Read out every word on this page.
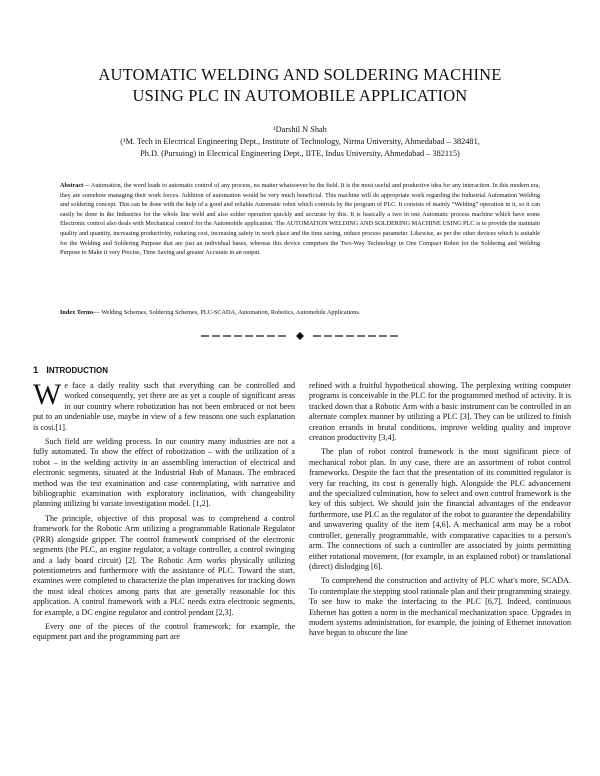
AUTOMATIC WELDING AND SOLDERING MACHINE
USING PLC IN AUTOMOBILE APPLICATION
¹Darshil N Shah
(¹M. Tech in Electrical Engineering Dept., Institute of Technology, Nirma University, Ahmedabad – 382481,
Ph.D. (Pursuing) in Electrical Engineering Dept., IITE, Indus University, Ahmedabad – 382115)

Abstract— Automation, the word leads to automatic control of any process, no matter whatsoever be the field. It is the most useful and productive idea for any interaction. In this modern era, they are somehow managing their work forces. Addition of automation would be very much beneficial. This machine will do appropriate work regarding the Industrial Automation Welding and soldering concept. This can be done with the help of a good and reliable Automatic robot which controls by the program of PLC. It consists of mainly “Welding” operation in it, so it can easily be done in the Industries for the whole line weld and also solder operation quickly and accurate by this. It is basically a two in one Automatic process machine which have some Electronic control also deals with Mechanical control for the Automobile application. The AUTOMATION WELDING AND SOLDERING MACHINE USING PLC is to provide the maintain quality and quantity, increasing productivity, reducing cost, increasing safety in work place and the time saving, reduce process parameter. Likewise, as per the other devices which is suitable for the Welding and Soldering Purpose that are just an individual bases, whereas this device comprises the Two-Way Technology in One Compact Robot for the Soldering and Welding Purpose to Make it very Precise, Time Saving and greater Accurate in an output.

Index Terms— Welding Schemes, Soldering Schemes, PLC-SCADA, Automation, Robotics, Automobile Applications.

1 INTRODUCTION

We face a daily reality such that everything can be controlled and worked consequently, yet there are as yet a couple of significant areas in our country where robotization has not been embraced or not been put to an undeniable use, maybe in view of a few reasons one such explanation is cost.[1].

Such field are welding process. In our country many industries are not a fully automated. To show the effect of robotization – with the utilization of a robot – in the welding activity in an assembling interaction of electrical and electronic segments, situated at the Industrial Hub of Manaus. The embraced method was the test examination and case contemplating, with narrative and bibliographic examination with exploratory inclination, with changeability planning utilizing bi variate investigation model. [1,2].

The principle, objective of this proposal was to comprehend a control framework for the Robotic Arm utilizing a programmable Rationale Regulator (PRR) alongside gripper. The control framework comprised of the electronic segments (the PLC, an engine regulator, a voltage controller, a control swinging and a lady board circuit) [2]. The Robotic Arm works physically utilizing potentiometers and furthermore with the assistance of PLC. Toward the start, examines were completed to characterize the plan imperatives for tracking down the most ideal choices among parts that are generally reasonable for this application. A control framework with a PLC needs extra electronic segments, for example, a DC engine regulator and control pendant [2,3].

Every one of the pieces of the control framework; for example, the equipment part and the programming part are

refined with a fruitful hypothetical showing. The perplexing writing computer programs is conceivable in the PLC for the programmed method of activity. It is tracked down that a Robotic Arm with a basic instrument can be controlled in an alternate complex manner by utilizing a PLC [3]. They can be utilized to finish creation errands in brutal conditions, improve welding quality and improve creation productivity [3,4].

The plan of robot control framework is the most significant piece of mechanical robot plan. In any case, there are an assortment of robot control frameworks. Despite the fact that the presentation of its committed regulator is very far reaching, its cost is generally high. Alongside the PLC advancement and the specialized culmination, how to select and own control framework is the key of this subject. We should join the financial advantages of the endeavor furthermore, use PLC as the regulator of the robot to guarantee the dependability and unwavering quality of the item [4,6]. A mechanical arm may be a robot controller, generally programmable, with comparative capacities to a person's arm. The connections of such a controller are associated by joints permitting either rotational movement, (for example, in an explained robot) or translational (direct) dislodging [6].

To comprehend the construction and activity of PLC what's more, SCADA. To contemplate the stepping stool rationale plan and their programming strategy. To see how to make the interfacing to the PLC [6,7]. Indeed, continuous Ethernet has gotten a norm in the mechanical mechanization space. Upgrades in modern systems administration, for example, the joining of Ethernet innovation have begun to obscure the line
